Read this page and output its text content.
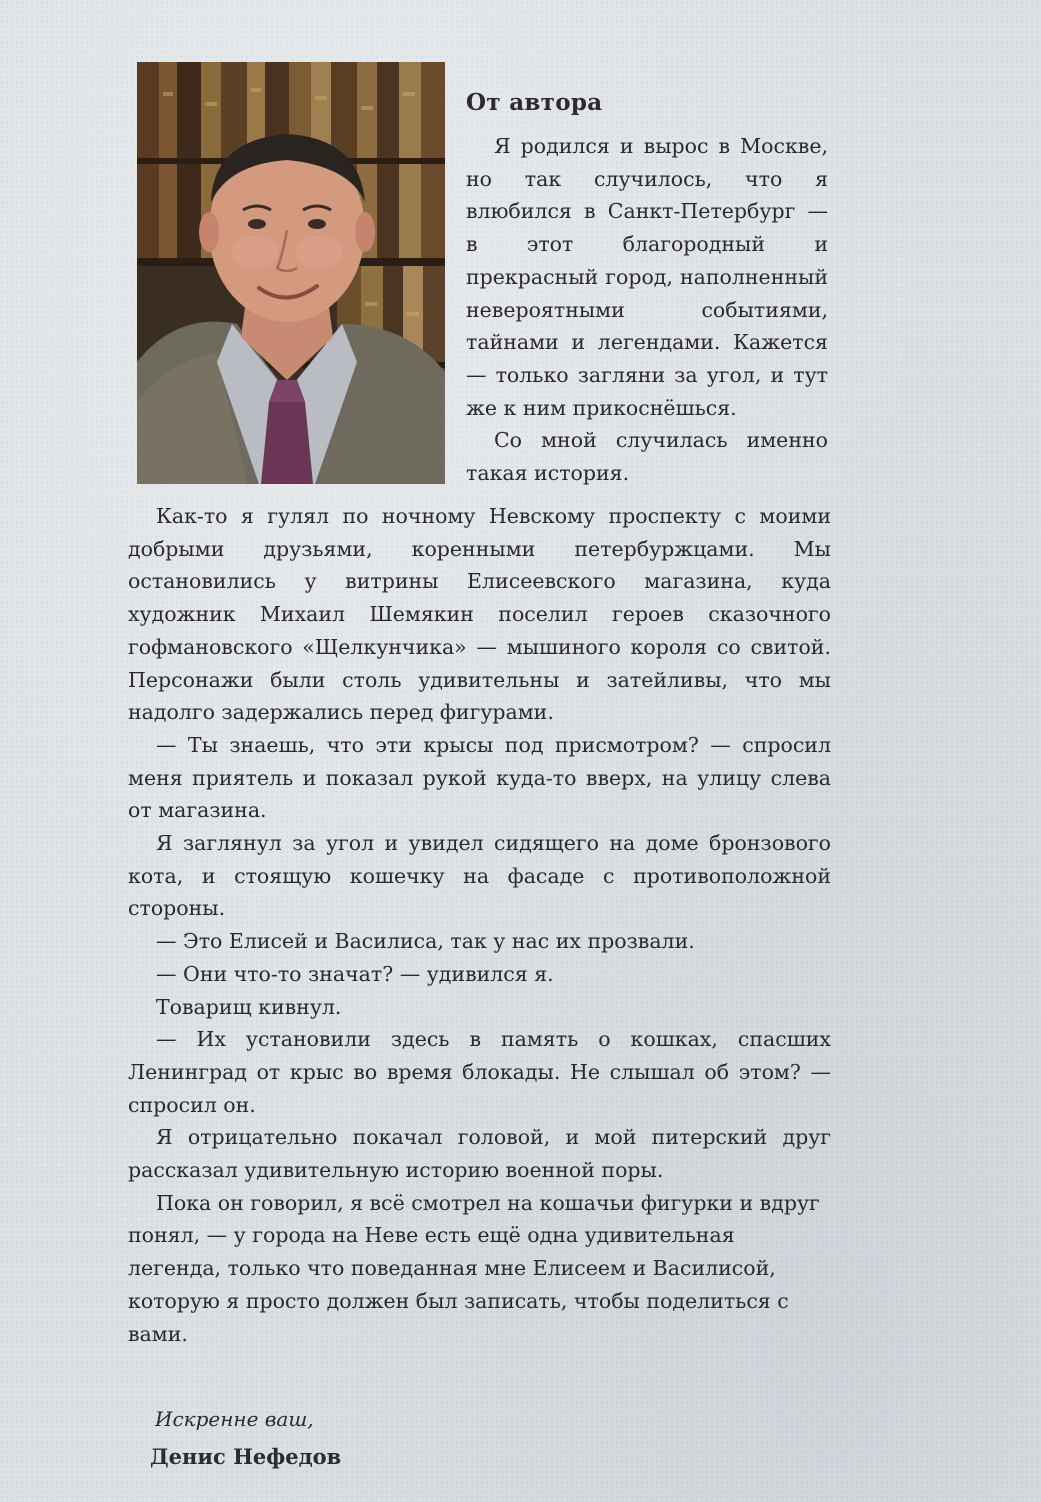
От автора

Я родился и вырос в Москве, но так случилось, что я влюбился в Санкт-Петербург — в этот благородный и прекрасный город, наполненный невероятными событиями, тайнами и легендами. Кажется — только загляни за угол, и тут же к ним прикоснёшься.

Со мной случилась именно такая история.

Как-то я гулял по ночному Невскому проспекту с моими добрыми друзьями, коренными петербуржцами. Мы остановились у витрины Елисеевского магазина, куда художник Михаил Шемякин поселил героев сказочного гофмановского «Щелкунчика» — мышиного короля со свитой. Персонажи были столь удивительны и затейливы, что мы надолго задержались перед фигурами.

— Ты знаешь, что эти крысы под присмотром? — спросил меня приятель и показал рукой куда-то вверх, на улицу слева от магазина.

Я заглянул за угол и увидел сидящего на доме бронзового кота, и стоящую кошечку на фасаде с противоположной стороны.

— Это Елисей и Василиса, так у нас их прозвали.

— Они что-то значат? — удивился я.

Товарищ кивнул.

— Их установили здесь в память о кошках, спасших Ленинград от крыс во время блокады. Не слышал об этом? — спросил он.

Я отрицательно покачал головой, и мой питерский друг рассказал удивительную историю военной поры.

Пока он говорил, я всё смотрел на кошачьи фигурки и вдруг понял, — у города на Неве есть ещё одна удивительная легенда, только что поведанная мне Елисеем и Василисой, которую я просто должен был записать, чтобы поделиться с вами.

Искренне ваш,
Денис Нефедов
